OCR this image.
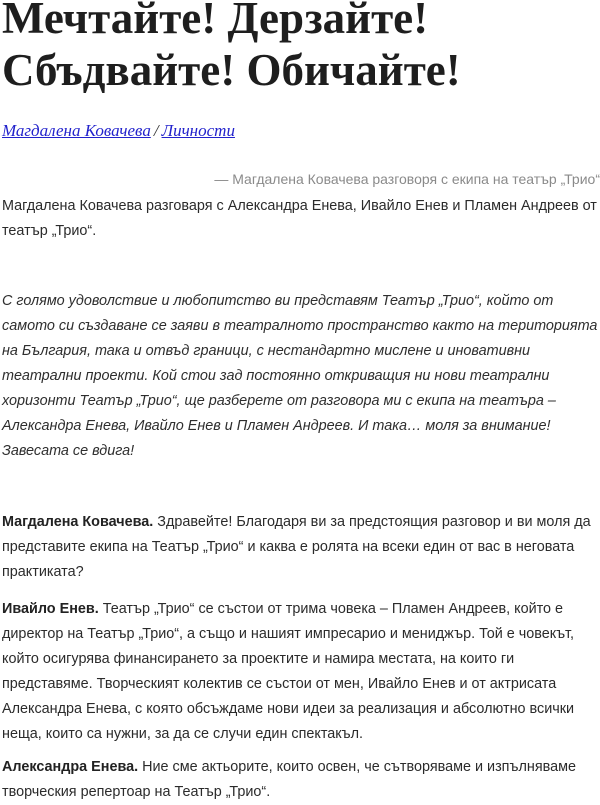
Мечтайте! Дерзайте!
Сбъдвайте! Обичайте!
Магдалена Ковачева / Личности
— Магдалена Ковачева разговоря с екипа на театър „Трио“

Магдалена Ковачева разговаря с Александра Енева, Ивайло Енев и Пламен Андреев от театър „Трио“.

С голямо удоволствие и любопитство ви представям Театър „Трио“, който от самото си създаване се заяви в театралното пространство както на територията на България, така и отвъд граници, с нестандартно мислене и иновативни театрални проекти. Кой стои зад постоянно откриващия ни нови театрални хоризонти Театър „Трио“, ще разберете от разговора ми с екипа на театъра – Александра Енева, Ивайло Енев и Пламен Андреев. И така… моля за внимание! Завесата се вдига!

Магдалена Ковачева. Здравейте! Благодаря ви за предстоящия разговор и ви моля да представите екипа на Театър „Трио“ и каква е ролята на всеки един от вас в неговата практиката?

Ивайло Енев. Театър „Трио“ се състои от трима човека – Пламен Андреев, който е директор на Театър „Трио“, а също и нашият импресарио и мениджър. Той е човекът, който осигурява финансирането за проектите и намира местата, на които ги представяме. Творческият колектив се състои от мен, Ивайло Енев и от актрисата Александра Енева, с която обсъждаме нови идеи за реализация и абсолютно всички неща, които са нужни, за да се случи един спектакъл.

Александра Енева. Ние сме актьорите, които освен, че сътворяваме и изпълняваме творческия репертоар на Театър „Трио“.
